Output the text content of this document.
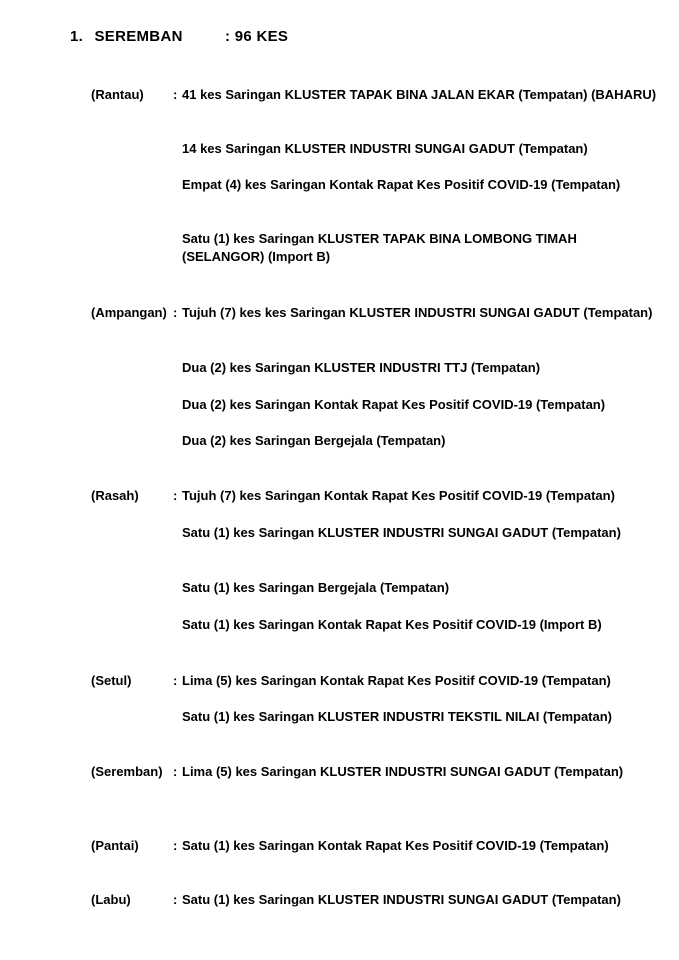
1. SEREMBAN	: 96 KES
(Rantau) : 41 kes Saringan KLUSTER TAPAK BINA JALAN EKAR (Tempatan) (BAHARU)
14 kes Saringan KLUSTER INDUSTRI SUNGAI GADUT (Tempatan)
Empat (4) kes Saringan Kontak Rapat Kes Positif COVID-19 (Tempatan)
Satu (1) kes Saringan KLUSTER TAPAK BINA LOMBONG TIMAH (SELANGOR) (Import B)
(Ampangan) : Tujuh (7) kes kes Saringan KLUSTER INDUSTRI SUNGAI GADUT (Tempatan)
Dua (2) kes Saringan KLUSTER INDUSTRI TTJ (Tempatan)
Dua (2) kes Saringan Kontak Rapat Kes Positif COVID-19 (Tempatan)
Dua (2) kes Saringan Bergejala (Tempatan)
(Rasah)	: Tujuh (7) kes Saringan Kontak Rapat Kes Positif COVID-19 (Tempatan)
Satu (1) kes Saringan KLUSTER INDUSTRI SUNGAI GADUT (Tempatan)
Satu (1) kes Saringan Bergejala (Tempatan)
Satu (1) kes Saringan Kontak Rapat Kes Positif COVID-19 (Import B)
(Setul)	: Lima (5) kes Saringan Kontak Rapat Kes Positif COVID-19 (Tempatan)
Satu (1) kes Saringan KLUSTER INDUSTRI TEKSTIL NILAI (Tempatan)
(Seremban) : Lima (5) kes Saringan KLUSTER INDUSTRI SUNGAI GADUT (Tempatan)
(Pantai)	: Satu (1) kes Saringan Kontak Rapat Kes Positif COVID-19 (Tempatan)
(Labu)	: Satu (1) kes Saringan KLUSTER INDUSTRI SUNGAI GADUT (Tempatan)
